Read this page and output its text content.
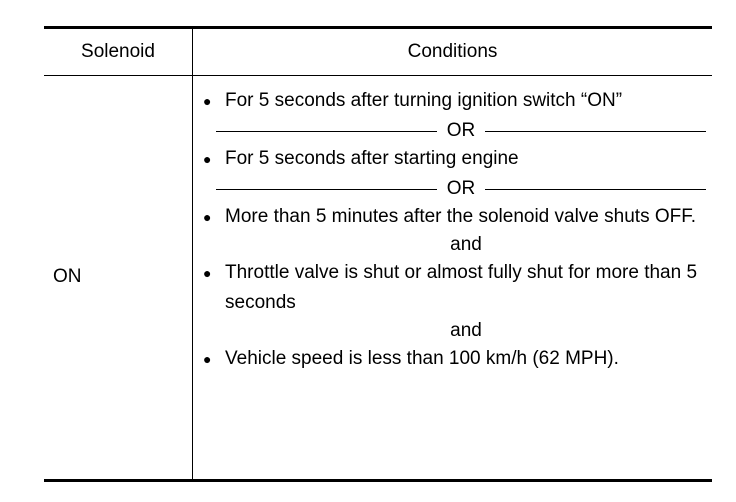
Solenoid	Conditions
ON
● For 5 seconds after turning ignition switch “ON”
OR
● For 5 seconds after starting engine
OR
● More than 5 minutes after the solenoid valve shuts OFF.
and
● Throttle valve is shut or almost fully shut for more than 5 seconds
and
● Vehicle speed is less than 100 km/h (62 MPH).
